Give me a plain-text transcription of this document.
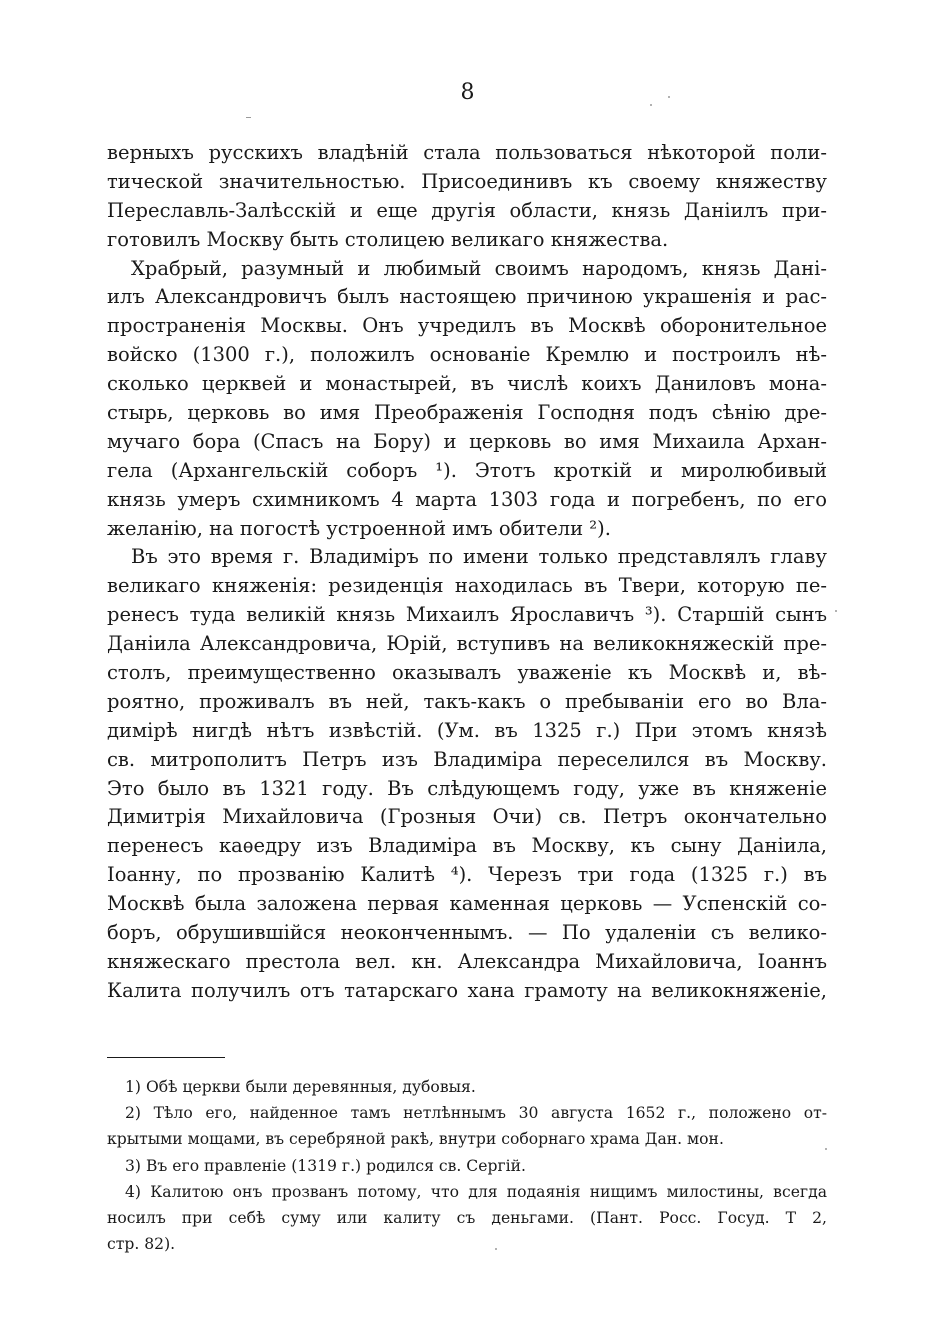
8
верныхъ русскихъ владѣній стала пользоваться нѣкоторой поли-
тической значительностью. Присоединивъ къ своему княжеству
Переславль-Залѣсскій и еще другія области, князь Даніилъ при-
готовилъ Москву быть столицею великаго княжества.
Храбрый, разумный и любимый своимъ народомъ, князь Дані-
илъ Александровичъ былъ настоящею причиною украшенія и рас-
пространенія Москвы. Онъ учредилъ въ Москвѣ оборонительное
войско (1300 г.), положилъ основаніе Кремлю и построилъ нѣ-
сколько церквей и монастырей, въ числѣ коихъ Даниловъ мона-
стырь, церковь во имя Преображенія Господня подъ сѣнію дре-
мучаго бора (Спасъ на Бору) и церковь во имя Михаила Архан-
гела (Архангельскій соборъ ¹). Этотъ кроткій и миролюбивый
князь умеръ схимникомъ 4 марта 1303 года и погребенъ, по его
желанію, на погостѣ устроенной имъ обители ²).
Въ это время г. Владиміръ по имени только представлялъ главу
великаго княженія: резиденція находилась въ Твери, которую пе-
ренесъ туда великій князь Михаилъ Ярославичъ ³). Старшій сынъ
Даніила Александровича, Юрій, вступивъ на великокняжескій пре-
столъ, преимущественно оказывалъ уваженіе къ Москвѣ и, вѣ-
роятно, проживалъ въ ней, такъ-какъ о пребываніи его во Вла-
димірѣ нигдѣ нѣтъ извѣстій. (Ум. въ 1325 г.) При этомъ князѣ
св. митрополитъ Петръ изъ Владиміра переселился въ Москву.
Это было въ 1321 году. Въ слѣдующемъ году, уже въ княженіе
Димитрія Михайловича (Грозныя Очи) св. Петръ окончательно
перенесъ каѳедру изъ Владиміра въ Москву, къ сыну Даніила,
Іоанну, по прозванію Калитѣ ⁴). Черезъ три года (1325 г.) въ
Москвѣ была заложена первая каменная церковь — Успенскій со-
боръ, обрушившійся неоконченнымъ. — По удаленіи съ велико-
княжескаго престола вел. кн. Александра Михайловича, Іоаннъ
Калита получилъ отъ татарскаго хана грамоту на великокняженіе,
1) Обѣ церкви были деревянныя, дубовыя.
2) Тѣло его, найденное тамъ нетлѣннымъ 30 августа 1652 г., положено от-
крытыми мощами, въ серебряной ракѣ, внутри соборнаго храма Дан. мон.
3) Въ его правленіе (1319 г.) родился св. Сергій.
4) Калитою онъ прозванъ потому, что для подаянія нищимъ милостины, всегда
носилъ при себѣ суму или калиту съ деньгами. (Пант. Росс. Госуд. Т 2,
стр. 82).
